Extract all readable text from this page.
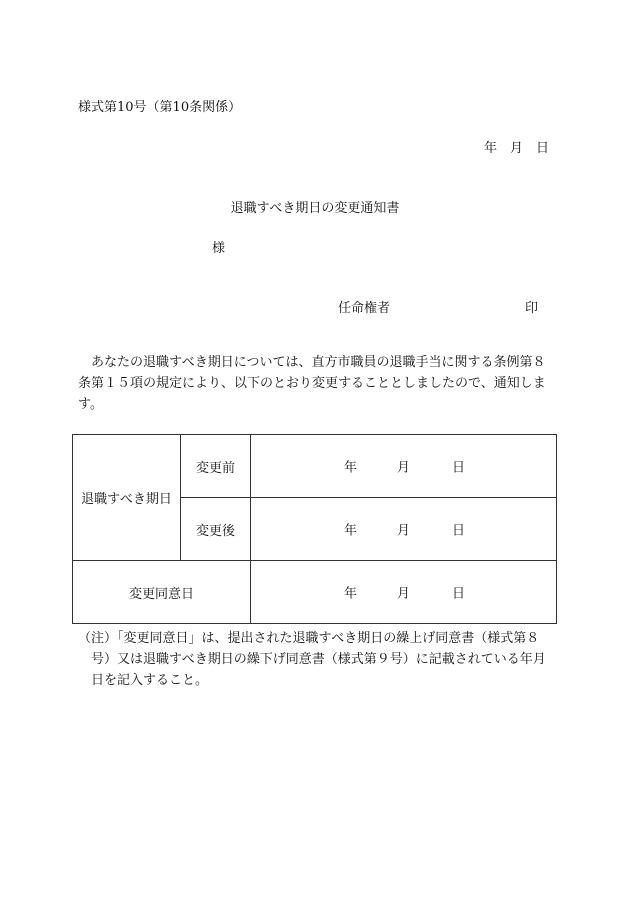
様式第10号（第10条関係）
年　月　日
退職すべき期日の変更通知書
様
任命権者	印
あなたの退職すべき期日については、直方市職員の退職手当に関する条例第８条第１５項の規定により、以下のとおり変更することとしましたので、通知します。
退職すべき期日	変更前	年 月 日

	変更後	年 月 日

変更同意日		年 月 日
（注）「変更同意日」は、提出された退職すべき期日の繰上げ同意書（様式第８号）又は退職すべき期日の繰下げ同意書（様式第９号）に記載されている年月日を記入すること。
